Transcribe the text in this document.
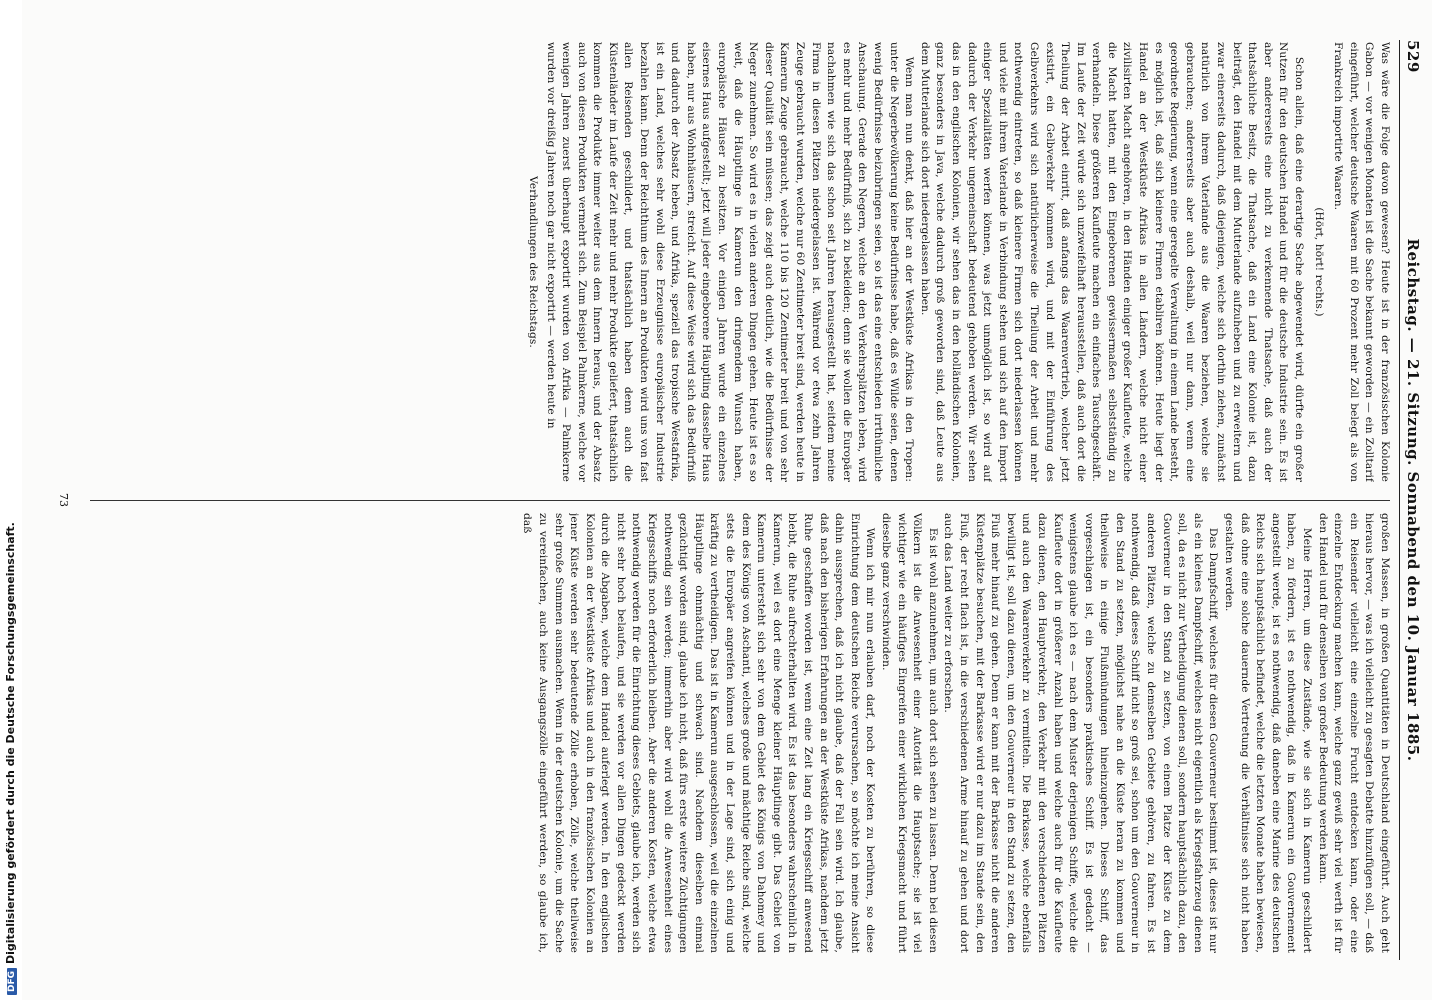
529
Reichstag. — 21. Sitzung. Sonnabend den 10. Januar 1885.

Was wäre die Folge davon gewesen? Heute ist in der französischen Kolonie Gabon — vor wenigen Monaten ist die Sache bekannt geworden — ein Zolltarif eingeführt, welcher deutsche Waaren mit 60 Prozent mehr Zoll belegt als von Frankreich importirte Waaren.

(Hört, hört! rechts.)

Schon allein, daß eine derartige Sache abgewendet wird, dürfte ein großer Nutzen für den deutschen Handel und für die deutsche Industrie sein. Es ist aber andererseits eine nicht zu verkennende Thatsache, daß auch der thatsächliche Besitz, die Thatsache, daß ein Land eine Kolonie ist, dazu beiträgt, den Handel mit dem Mutterlande aufzuheben und zu erweitern und zwar einerseits dadurch, daß diejenigen, welche sich dorthin ziehen, zunächst natürlich von ihrem Vaterlande aus die Waaren beziehen, welche sie gebrauchen; andererseits aber auch deshalb, weil nur dann, wenn eine geordnete Regierung, wenn eine geregelte Verwaltung in einem Lande besteht, es möglich ist, daß sich kleinere Firmen etabliren können. Heute liegt der Handel an der Westküste Afrikas in allen Ländern, welche nicht einer zivilisirten Macht angehören, in den Händen einiger großer Kaufleute, welche die Macht hatten, mit den Eingeborenen gewissermaßen selbstständig zu verhandeln. Diese größeren Kaufleute machen ein einfaches Tauschgeschäft. Im Laufe der Zeit würde sich unzweifelhaft herausstellen, daß auch dort die Theilung der Arbeit einritt, daß anfangs das Waarenvertrieb, welcher jetzt existirt, ein Gelbverkehr kommen wird, und mit der Einführung des Gelbverkehrs wird sich natürlicherweise die Theilung der Arbeit und mehr nothwendig eintreten, so daß kleinere Firmen sich dort niederlassen können und viele mit ihrem Vaterlande in Verbindung stehen und sich auf den Import einiger Spezialitäten werfen können, was jetzt unmöglich ist, so wird auf dadurch der Verkehr ungemeinschaft bedeutend gehoben werden. Wir sehen das in den englischen Kolonien, wir sehen das in den holländischen Kolonien, ganz besonders in Java, welche dadurch groß geworden sind, daß Leute aus dem Mutterlande sich dort niedergelassen haben.

Wenn man nun denkt, daß hier an der Westküste Afrikas in den Tropen: unter die Negerbevölkerung keine Bedürfnisse habe, daß es Wilde seien, denen wenig Bedürfnisse beizubringen seien, so ist das eine entschieden irrthümliche Anschauung. Gerade den Negern, welche an den Verkehrsplätzen leben, wird es mehr und mehr Bedürfniß, sich zu bekleiden; denn sie wollen die Europäer nachahmen wie sich das schon seit Jahren herausgestellt hat, seitdem meine Firma in diesen Plätzen niedergelassen ist. Während vor etwa zehn Jahren Zeuge gebraucht wurden, welche nur 60 Zentimeter breit sind, werden heute in Kamerun Zeuge gebraucht, welche 110 bis 120 Zentimeter breit und von sehr dieser Qualität sein müssen; das zeigt auch deutlich, wie die Bedürfnisse der Neger zunehmen. So wird es in vielen anderen Dingen gehen. Heute ist es so weit, daß die Häuptlinge in Kamerun den dringendem Wunsch haben, europäische Häuser zu besitzen. Vor einigen Jahren wurde ein einzelnes eisernes Haus aufgestellt; jetzt will jeder eingeborene Häuptling dasselbe Haus haben, nur aus Wohnhäusern, streicht. Auf diese Weise wird sich das Bedürfniß und dadurch der Absatz heben, und Afrika, speziell das tropische Westafrika, ist ein Land, welches sehr wohl diese Erzeugnisse europäischer Industrie bezahlen kann. Denn der Reichthum des Innern an Produkten wird uns von fast allen Reisenden geschildert, und thatsächlich haben denn auch die Küstenländer im Laufe der Zeit mehr und mehr Produkte geliefert, thatsächlich kommen die Produkte immer weiter aus dem Innern heraus, und der Absatz auch von diesen Produkten vermehrt sich. Zum Beispiel Palmkerne, welche vor wenigen Jahren zuerst überhaupt exportirt wurden von Afrika — Palmkerne wurden vor dreißig Jahren noch gar nicht exportirt — werden heute in

Verhandlungen des Reichstags.

großen Massen, in großen Quantitäten in Deutschland eingeführt. Auch geht hieraus hervor, — was ich vielleicht zu gesagten Debatte hinzufügen soll, — daß ein Reisender vielleicht eine einzelne Frucht entdecken kann, oder eine einzelne Entdeckung machen kann, welche ganz gewiß sehr viel werth ist für den Handel und für denselben von großer Bedeutung werden kann.

Meine Herren, um diese Zustände, wie sie sich in Kamerun geschildert haben, zu fördern, ist es nothwendig, daß in Kamerun ein Gouvernement angestellt werde, ist es nothwendig, daß daneben eine Marine des deutschen Reichs sich hauptsächlich befindet, welche die letzten Monate haben bewiesen, daß ohne eine solche dauernde Vertretung die Verhältnisse sich nicht haben gestalten werden.

Das Dampfschiff, welches für diesen Gouverneur bestimmt ist, dieses ist nur als ein kleines Dampfschiff, welches nicht eigentlich als Kriegsfahrzeug dienen soll, da es nicht zur Vertheidigung dienen soll, sondern hauptsächlich dazu, den Gouverneur in den Stand zu setzen, von einem Platze der Küste zu dem anderen Plätzen, welche zu demselben Gebiete gehören, zu fahren. Es ist nothwendig, daß dieses Schiff nicht so groß sei, schon um den Gouverneur in den Stand zu setzen, möglichst nahe an die Küste heran zu kommen und theilweise in einige Flußmündungen hineinzugehen. Dieses Schiff, das vorgeschlagen ist, ein besonders praktisches Schiff. Es ist gedacht — wenigstens glaube ich es — nach dem Muster derjenigen Schiffe, welche die Kaufleute dort in größerer Anzahl haben und welche auch für die Kaufleute dazu dienen, den Hauptverkehr, den Verkehr mit den verschiedenen Plätzen und auch den Waarenverkehr zu vermitteln. Die Barkasse, welche ebenfalls bewilligt ist, soll dazu dienen, um den Gouverneur in den Stand zu setzen, den Fluß mehr hinauf zu gehen. Denn er kann mit der Barkasse nicht die anderen Küstenplätze besuchen, mit der Barkasse wird er nur dazu im Stande sein, den Fluß, der recht flach ist, in die verschiedenen Arme hinauf zu gehen und dort auch das Land weiter zu erforschen.

Es ist wohl anzunehmen, um auch dort sich sehen zu lassen. Denn bei diesen Völkern ist die Anwesenheit einer Autorität die Hauptsache; sie ist viel wichtiger wie ein häufiges Eingreifen einer wirklichen Kriegsmacht und führt dieselbe ganz verschwinden.

Wenn ich mir nun erlauben darf, noch der Kosten zu berühren, so diese Einrichtung dem deutschen Reiche verursachen, so möchte ich meine Ansicht dahin aussprechen, daß ich nicht glaube, daß der Fall sein wird. Ich glaube, daß nach den bisherigen Erfahrungen an der Westküste Afrikas, nachdem jetzt Ruhe geschaffen worden ist, wenn eine Zeit lang ein Kriegsschiff anwesend bleibt, die Ruhe aufrechterhalten wird. Es ist das besonders wahrscheinlich in Kamerun, weil es dort eine Menge kleiner Häuptlinge gibt. Das Gebiet von Kamerun untersteht sich sehr von dem Gebiet des Königs von Dahomey und dem des Königs von Aschanti, welches große und mächtige Reiche sind, welche stets die Europäer angreifen können und in der Lage sind, sich einig und kräftig zu vertheidigen. Das ist in Kamerun ausgeschlossen, weil die einzelnen Häuptlinge ohnmächtig und schwach sind. Nachdem dieselben einmal gezüchtigt worden sind, glaube ich nicht, daß fürs erste weitere Züchtigungen nothwendig sein werden; immerhin aber wird wohl die Anwesenheit eines Kriegsschiffs noch erforderlich bleiben. Aber die anderen Kosten, welche etwa nothwendig werden für die Einrichtung dieses Gebiets, glaube ich, werden sich nicht sehr hoch belaufen, und sie werden vor allen Dingen gedeckt werden durch die Abgaben, welche dem Handel auferlegt werden. In den englischen Kolonien an der Westküste Afrikas und auch in den französischen Kolonien an jener Küste werden sehr bedeutende Zölle erhoben, Zölle, welche theilweise sehr große Summen ausmachen. Wenn in der deutschen Kolonie, um die Sache zu vereinfachen, auch keine Ausgangszölle eingeführt werden, so glaube ich, daß

73
DFGDigitalisierung gefördert durch die Deutsche Forschungsgemeinschaft.
